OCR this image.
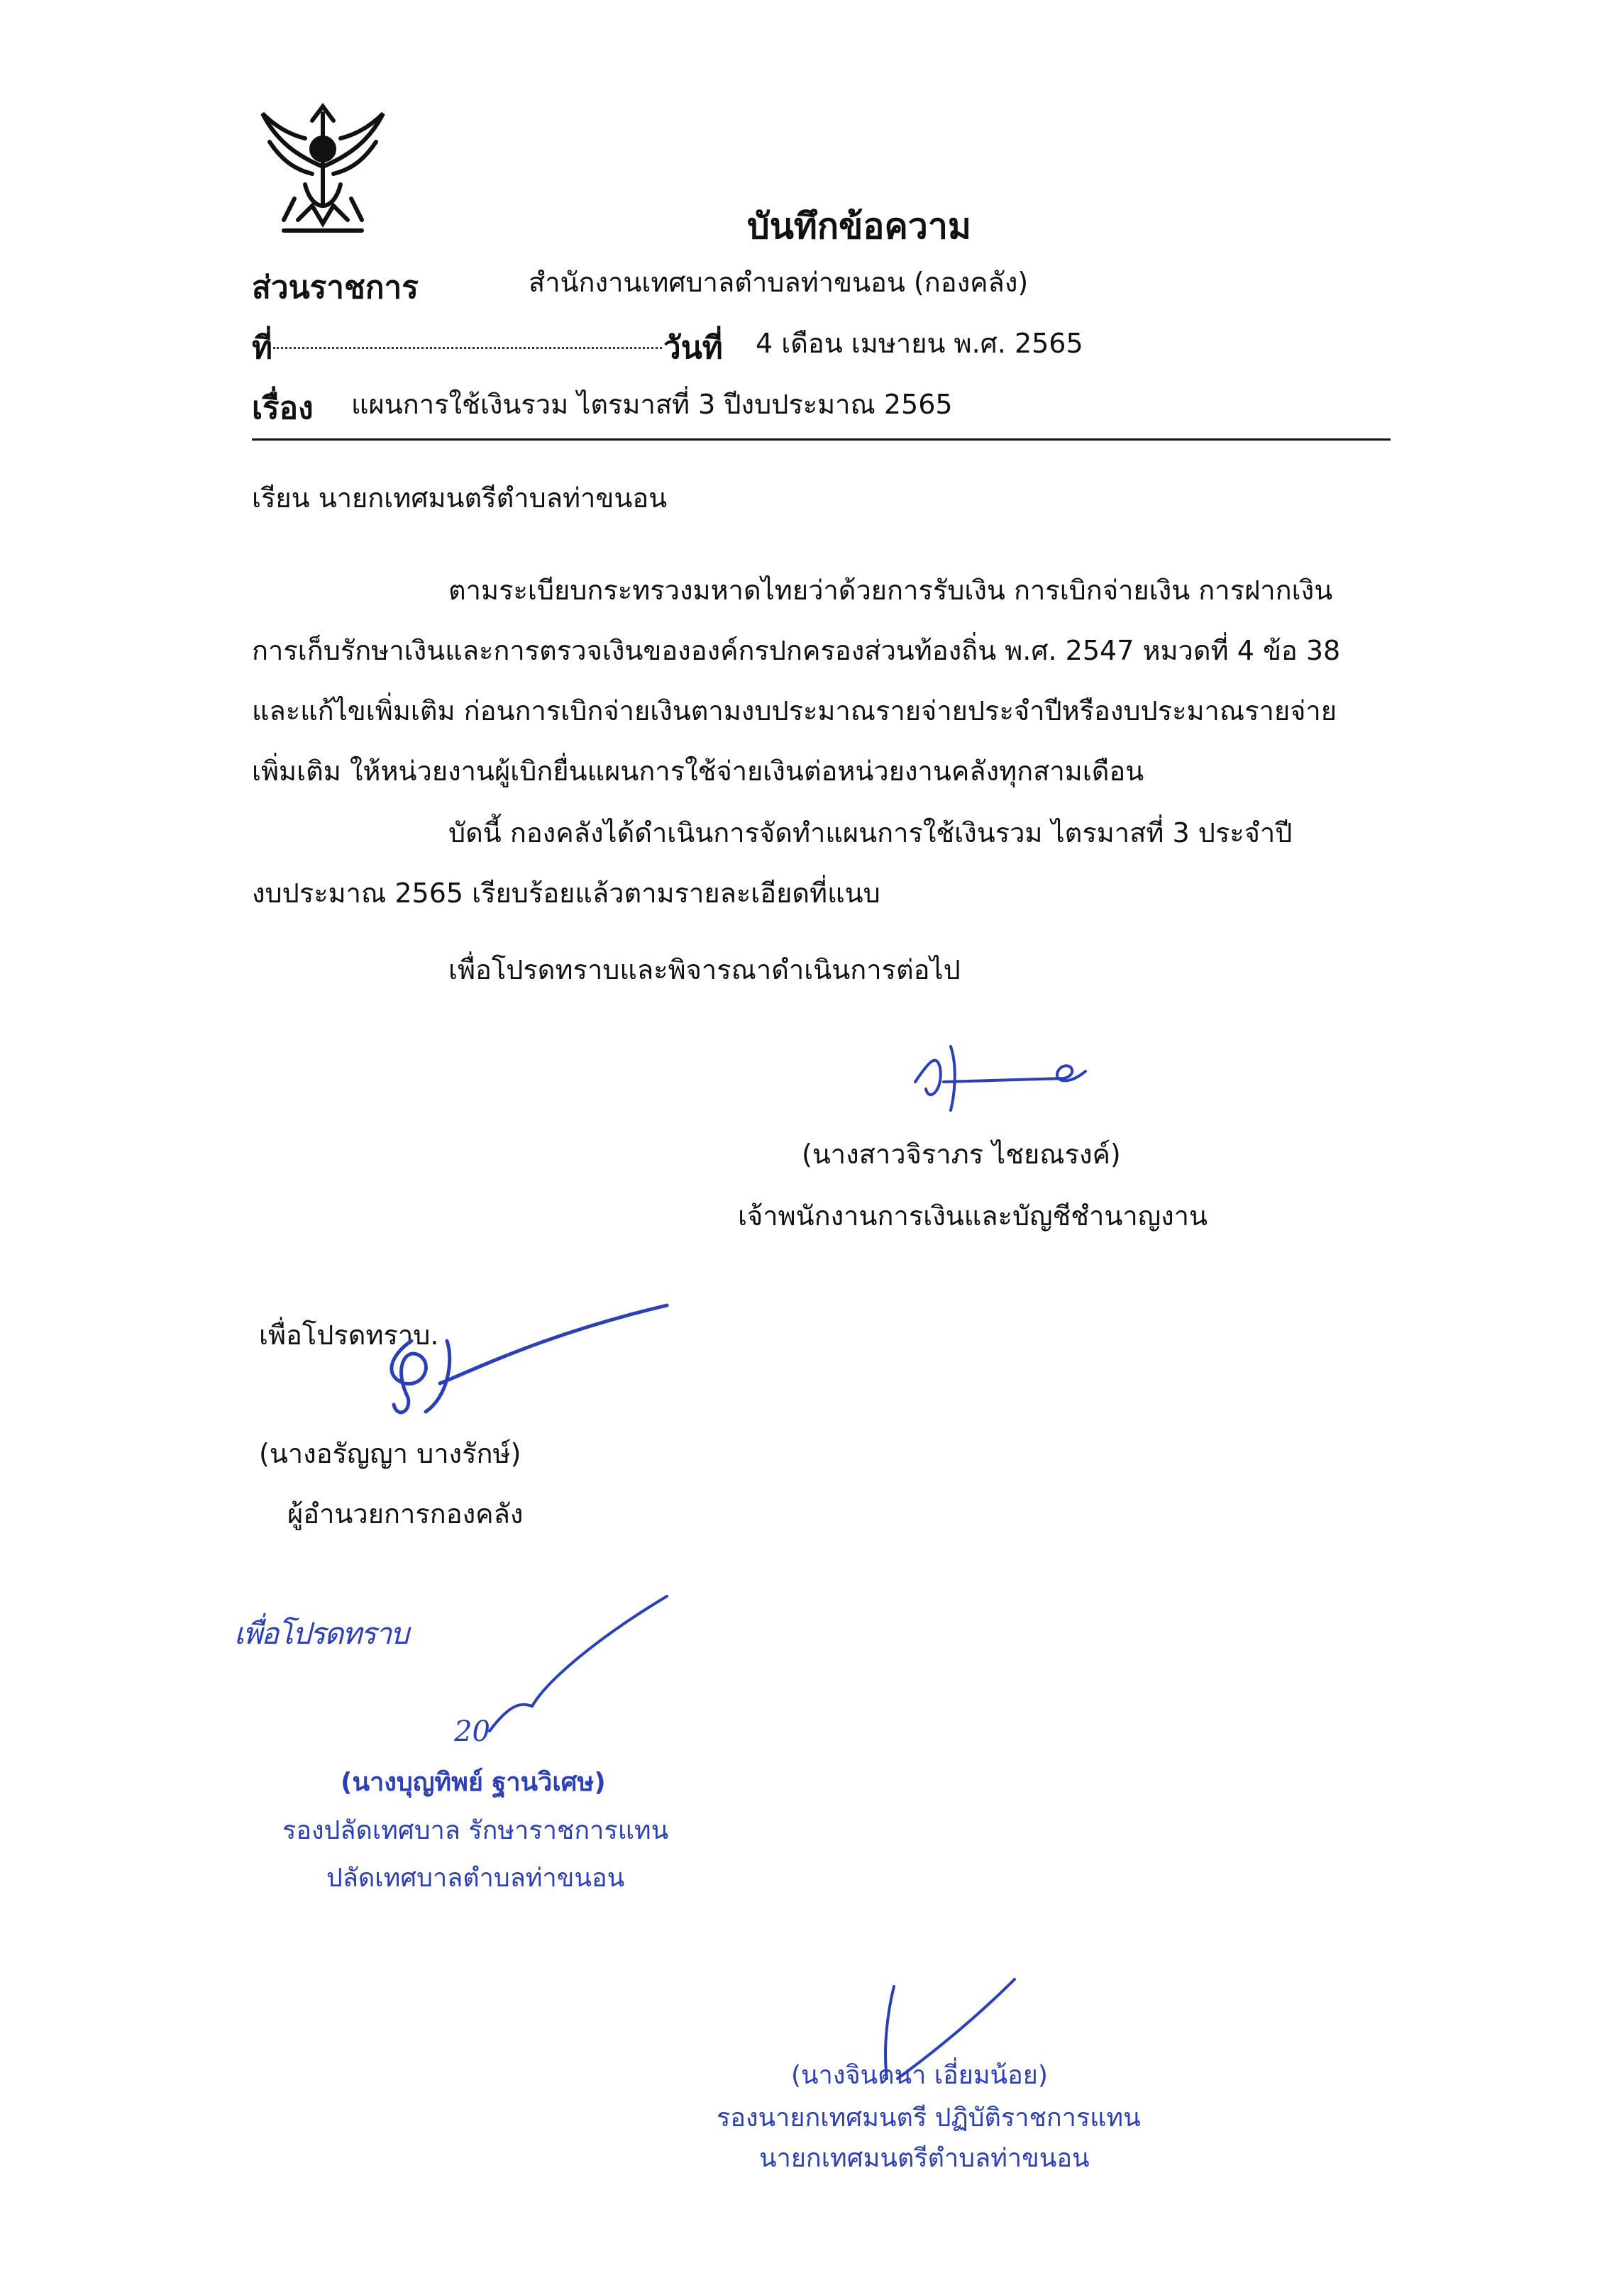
บันทึกข้อความ
ส่วนราชการ	สำนักงานเทศบาลตำบลท่าขนอน (กองคลัง)
ที่	วันที่ 4 เดือน เมษายน พ.ศ. 2565
เรื่อง แผนการใช้เงินรวม ไตรมาสที่ 3 ปีงบประมาณ 2565
เรียน นายกเทศมนตรีตำบลท่าขนอน
ตามระเบียบกระทรวงมหาดไทยว่าด้วยการรับเงิน การเบิกจ่ายเงิน การฝากเงิน
การเก็บรักษาเงินและการตรวจเงินขององค์กรปกครองส่วนท้องถิ่น พ.ศ. 2547 หมวดที่ 4 ข้อ 38
และแก้ไขเพิ่มเติม ก่อนการเบิกจ่ายเงินตามงบประมาณรายจ่ายประจำปีหรืองบประมาณรายจ่าย
เพิ่มเติม ให้หน่วยงานผู้เบิกยื่นแผนการใช้จ่ายเงินต่อหน่วยงานคลังทุกสามเดือน
บัดนี้ กองคลังได้ดำเนินการจัดทำแผนการใช้เงินรวม ไตรมาสที่ 3 ประจำปี
งบประมาณ 2565 เรียบร้อยแล้วตามรายละเอียดที่แนบ
เพื่อโปรดทราบและพิจารณาดำเนินการต่อไป
(นางสาวจิราภร ไชยณรงค์)
เจ้าพนักงานการเงินและบัญชีชำนาญงาน
เพื่อโปรดทราบ.
(นางอรัญญา บางรักษ์)
ผู้อำนวยการกองคลัง
เพื่อโปรดทราบ
20
(นางบุญทิพย์ ฐานวิเศษ)
รองปลัดเทศบาล รักษาราชการแทน
ปลัดเทศบาลตำบลท่าขนอน
(นางจินตนา เอี่ยมน้อย)
รองนายกเทศมนตรี ปฏิบัติราชการแทน
นายกเทศมนตรีตำบลท่าขนอน
